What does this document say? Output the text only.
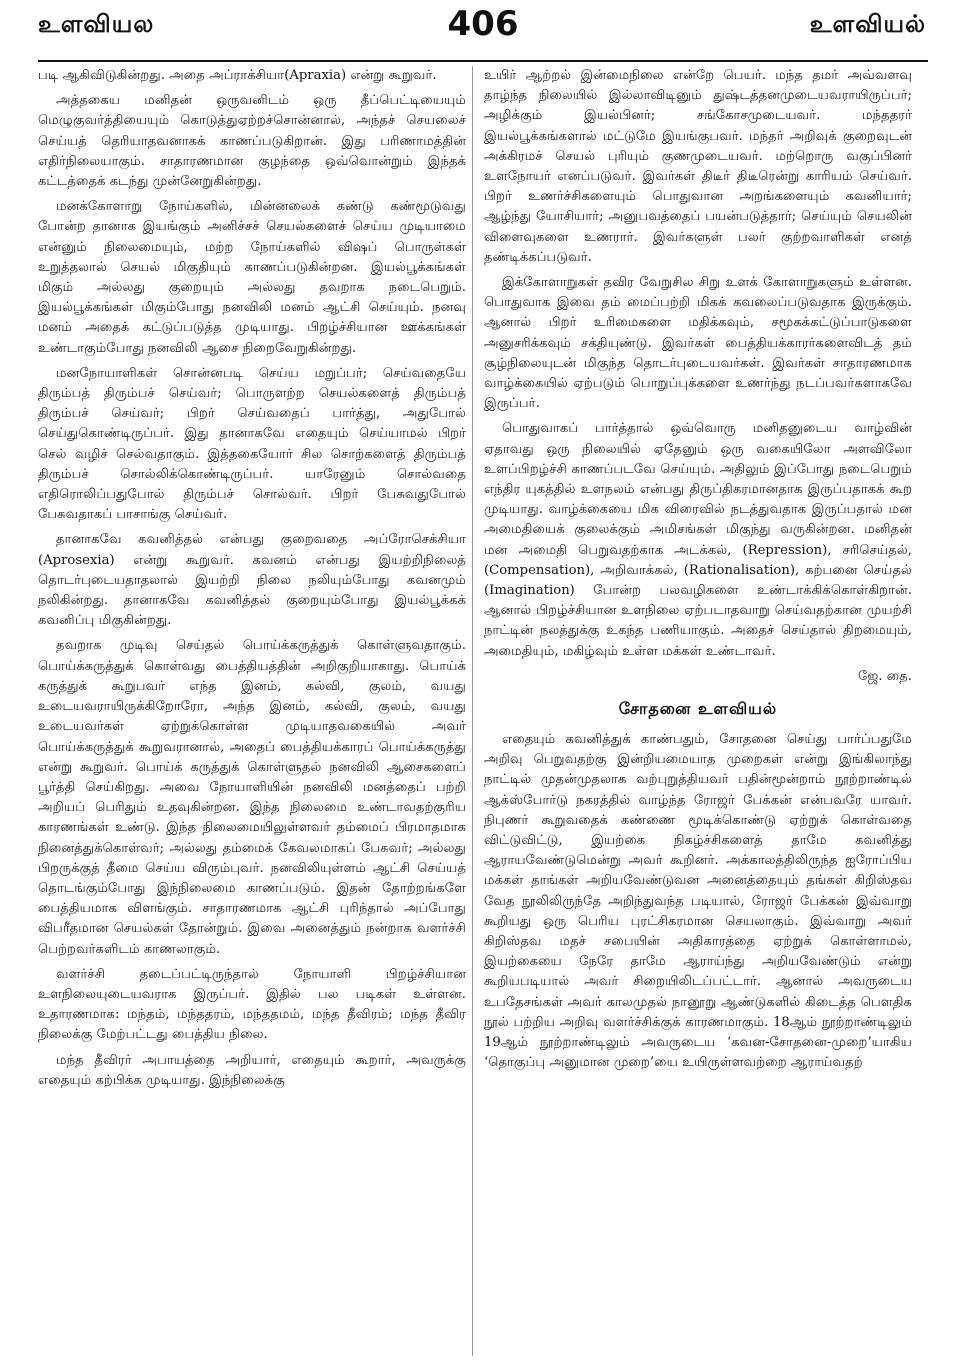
உளவியல	406	உளவியல்

படி ஆகிவிடுகின்றது. அதை அப்ராக்சியா(Apraxia) என்று கூறுவர்.

அத்தகைய மனிதன் ஒருவனிடம் ஒரு தீப்பெட்டியையும் மெழுகுவர்த்தியையும் கொடுத்துஏற்றச்சொன்னால், அந்தச் செயலைச் செய்யத் தெரியாதவனாகக் காணப்படுகிறான். இது பரிணாமத்தின் எதிர்நிலையாகும். சாதாரணமான குழந்தை ஒவ்வொன்றும் இந்தக் கட்டத்தைக் கடந்து முன்னேறுகின்றது.

மனக்கோளாறு நோய்களில், மின்னலைக் கண்டு கண்மூடுவது போன்ற தானாக இயங்கும் அனிச்சச் செயல்களைச் செய்ய முடியாமை என்னும் நிலைமையும், மற்ற நோய்களில் விஷப் பொருள்கள் உறுத்தலால் செயல் மிகுதியும் காணப்படுகின்றன. இயல்பூக்கங்கள் மிகும் அல்லது குறையும் அல்லது தவறாக நடைபெறும். இயல்பூக்கங்கள் மிகும்போது நனவிலி மனம் ஆட்சி செய்யும். நனவு மனம் அதைக் கட்டுப்படுத்த முடியாது. பிறழ்ச்சியான ஊக்கங்கள் உண்டாகும்போது நனவிலி ஆசை நிறைவேறுகின்றது.

மனநோயாளிகள் சொன்னபடி செய்ய மறுப்பர்; செய்வதையே திரும்பத் திரும்பச் செய்வர்; பொருளற்ற செயல்களைத் திரும்பத் திரும்பச் செய்வர்; பிறர் செய்வதைப் பார்த்து, அதுபோல் செய்துகொண்டிருப்பர். இது தானாகவே எதையும் செய்யாமல் பிறர் செல் வழிச் செல்வதாகும். இத்தகையோர் சில சொற்களைத் திரும்பத் திரும்பச் சொல்லிக்கொண்டிருப்பர். யாரேனும் சொல்வதை எதிரொலிப்பதுபோல் திரும்பச் சொல்வர். பிறர் பேசுவதுபோல் பேசுவதாகப் பாசாங்கு செய்வர்.

தானாகவே கவனித்தல் என்பது குறைவதை அப்ரோசெக்சியா (Aprosexia) என்று கூறுவர். கவனம் என்பது இயற்றிநிலைத் தொடர்புடையதாதலால் இயற்றி நிலை நலியும்போது கவனமும் நலிகின்றது. தானாகவே கவனித்தல் குறையும்போது இயல்பூக்கக் கவனிப்பு மிகுகின்றது.

தவறாக முடிவு செய்தல் பொய்க்கருத்துக் கொள்ளுவதாகும். பொய்க்கருத்துக் கொள்வது பைத்தியத்தின் அறிகுறியாகாது. பொய்க் கருத்துக் கூறுபவர் எந்த இனம், கல்வி, குலம், வயது உடையவராயிருக்கிறோரோ, அந்த இனம், கல்வி, குலம், வயது உடையவர்கள் ஏற்றுக்கொள்ள முடியாதவகையில் அவர் பொய்க்கருத்துக் கூறுவரானால், அதைப் பைத்தியக்காரப் பொய்க்கருத்து என்று கூறுவர். பொய்க் கருத்துக் கொள்ளுதல் நனவிலி ஆசைகளைப் பூர்த்தி செய்கிறது. அவை நோயாளியின் நனவிலி மனத்தைப் பற்றி அறியப் பெரிதும் உதவுகின்றன. இந்த நிலைமை உண்டாவதற்குரிய காரணங்கள் உண்டு. இந்த நிலைமையிலுள்ளவர் தம்மைப் பிரமாதமாக நினைத்துக்கொள்வர்; அல்லது தம்மைக் கேவலமாகப் பேசுவர்; அல்லது பிறருக்குத் தீமை செய்ய விரும்புவர். நனவிலியுள்ளம் ஆட்சி செய்யத் தொடங்கும்போது இந்நிலைமை காணப்படும். இதன் தோற்றங்களே பைத்தியமாக விளங்கும். சாதாரணமாக ஆட்சி புரிந்தால் அப்போது விபரீதமான செயல்கள் தோன்றும். இவை அனைத்தும் நன்றாக வளர்ச்சி பெற்றவர்களிடம் காணலாகும்.

வளர்ச்சி தடைப்பட்டிருந்தால் நோயாளி பிறழ்ச்சியான உளநிலையுடையவராக இருப்பர். இதில் பல படிகள் உள்ளன. உதாரணமாக: மந்தம், மந்ததரம், மந்ததமம், மந்த தீவிரம்; மந்த தீவிர நிலைக்கு மேற்பட்டது பைத்திய நிலை.

மந்த தீவிரர் அபாயத்தை அறியார், எதையும் கூறார், அவருக்கு எதையும் கற்பிக்க முடியாது. இந்நிலைக்கு

உயிர் ஆற்றல் இன்மைநிலை என்றே பெயர். மந்த தமர் அவ்வளவு தாழ்ந்த நிலையில் இல்லாவிடினும் துஷ்டத்தனமுடையவராயிருப்பர்; அழிக்கும் இயல்பினர்; சங்கோசமுடையவர். மந்ததரர் இயல்பூக்கங்களால் மட்டுமே இயங்குபவர். மந்தர் அறிவுக் குறைவுடன் அக்கிரமச் செயல் புரியும் குணமுடையவர். மற்றொரு வகுப்பினர் உளநோயர் எனப்படுவர். இவர்கள் திடீர் திடீரென்று காரியம் செய்வர். பிறர் உணர்ச்சிகளையும் பொதுவான அறங்களையும் கவனியார்; ஆழ்ந்து யோசியார்; அனுபவத்தைப் பயன்படுத்தார்; செய்யும் செயலின் விளைவுகளை உணரார். இவர்களுள் பலர் குற்றவாளிகள் எனத் தண்டிக்கப்படுவர்.

இக்கோளாறுகள் தவிர வேறுசில சிறு உளக் கோளாறுகளும் உள்ளன. பொதுவாக இவை தம் மைப்பற்றி மிகக் கவலைப்படுவதாக இருக்கும். ஆனால் பிறர் உரிமைகளை மதிக்கவும், சமூகக்கட்டுப்பாடுகளை அனுசரிக்கவும் சக்தியுண்டு. இவர்கள் பைத்தியக்காரர்களைவிடத் தம் சூழ்நிலையுடன் மிகுந்த தொடர்புடையவர்கள். இவர்கள் சாதாரணமாக வாழ்க்கையில் ஏற்படும் பொறுப்புக்களை உணர்ந்து நடப்பவர்களாகவே இருப்பர்.

பொதுவாகப் பார்த்தால் ஒவ்வொரு மனிதனுடைய வாழ்வின் ஏதாவது ஒரு நிலையில் ஏதேனும் ஒரு வகையிலோ அளவிலோ உளப்பிறழ்ச்சி காணப்படவே செய்யும். அதிலும் இப்போது நடைபெறும் எந்திர யுகத்தில் உளநலம் என்பது திருப்திகரமானதாக இருப்பதாகக் கூற முடியாது. வாழ்க்கையை மிக விரைவில் நடத்துவதாக இருப்பதால் மன அமைதியைக் குலைக்கும் அமிசங்கள் மிகுந்து வருகின்றன. மனிதன் மன அமைதி பெறுவதற்காக அடக்கல், (Repression), சரிசெய்தல், (Compensation), அறிவாக்கல், (Rationalisation), கற்பனை செய்தல் (Imagination) போன்ற பலவழிகளை உண்டாக்கிக்கொள்கிறான். ஆனால் பிறழ்ச்சியான உளநிலை ஏற்படாதவாறு செய்வதற்கான முயற்சி நாட்டின் நலத்துக்கு உகந்த பணியாகும். அதைச் செய்தால் திறமையும், அமைதியும், மகிழ்வும் உள்ள மக்கள் உண்டாவர்.

ஜே. தை.
சோதனை உளவியல்

எதையும் கவனித்துக் காண்பதும், சோதனை செய்து பார்ப்பதுமே அறிவு பெறுவதற்கு இன்றியமையாத முறைகள் என்று இங்கிலாந்து நாட்டில் முதன்முதலாக வற்புறுத்தியவர் பதின்மூன்றாம் நூற்றாண்டில் ஆக்ஸ்போர்டு நகரத்தில் வாழ்ந்த ரோஜர் பேக்கன் என்பவரே யாவர். நிபுணர் கூறுவதைக் கண்ணை மூடிக்கொண்டு ஏற்றுக் கொள்வதை விட்டுவிட்டு, இயற்கை நிகழ்ச்சிகளைத் தாமே கவனித்து ஆராயவேண்டுமென்று அவர் கூறினர். அக்காலத்திலிருந்த ஐரோப்பிய மக்கள் தாங்கள் அறியவேண்டுவன அனைத்தையும் தங்கள் கிறிஸ்தவ வேத நூலிலிருந்தே அறிந்துவந்த படியால், ரோஜர் பேக்கன் இவ்வாறு கூறியது ஒரு பெரிய புரட்சிகரமான செயலாகும். இவ்வாறு அவர் கிறிஸ்தவ மதச் சபையின் அதிகாரத்தை ஏற்றுக் கொள்ளாமல், இயற்கையை நேரே தாமே ஆராய்ந்து அறியவேண்டும் என்று கூறியபடியால் அவர் சிறையிலிடப்பட்டார். ஆனால் அவருடைய உபதேசங்கள் அவர் காலமுதல் நானூறு ஆண்டுகளில் கிடைத்த பௌதிக நூல் பற்றிய அறிவு வளர்ச்சிக்குக் காரணமாகும். 18ஆம் நூற்றாண்டிலும் 19ஆம் நூற்றாண்டிலும் அவருடைய ‘கவன-சோதனை-முறை’யாகிய ‘தொகுப்பு அனுமான முறை’யை உயிருள்ளவற்றை ஆராய்வதற்
